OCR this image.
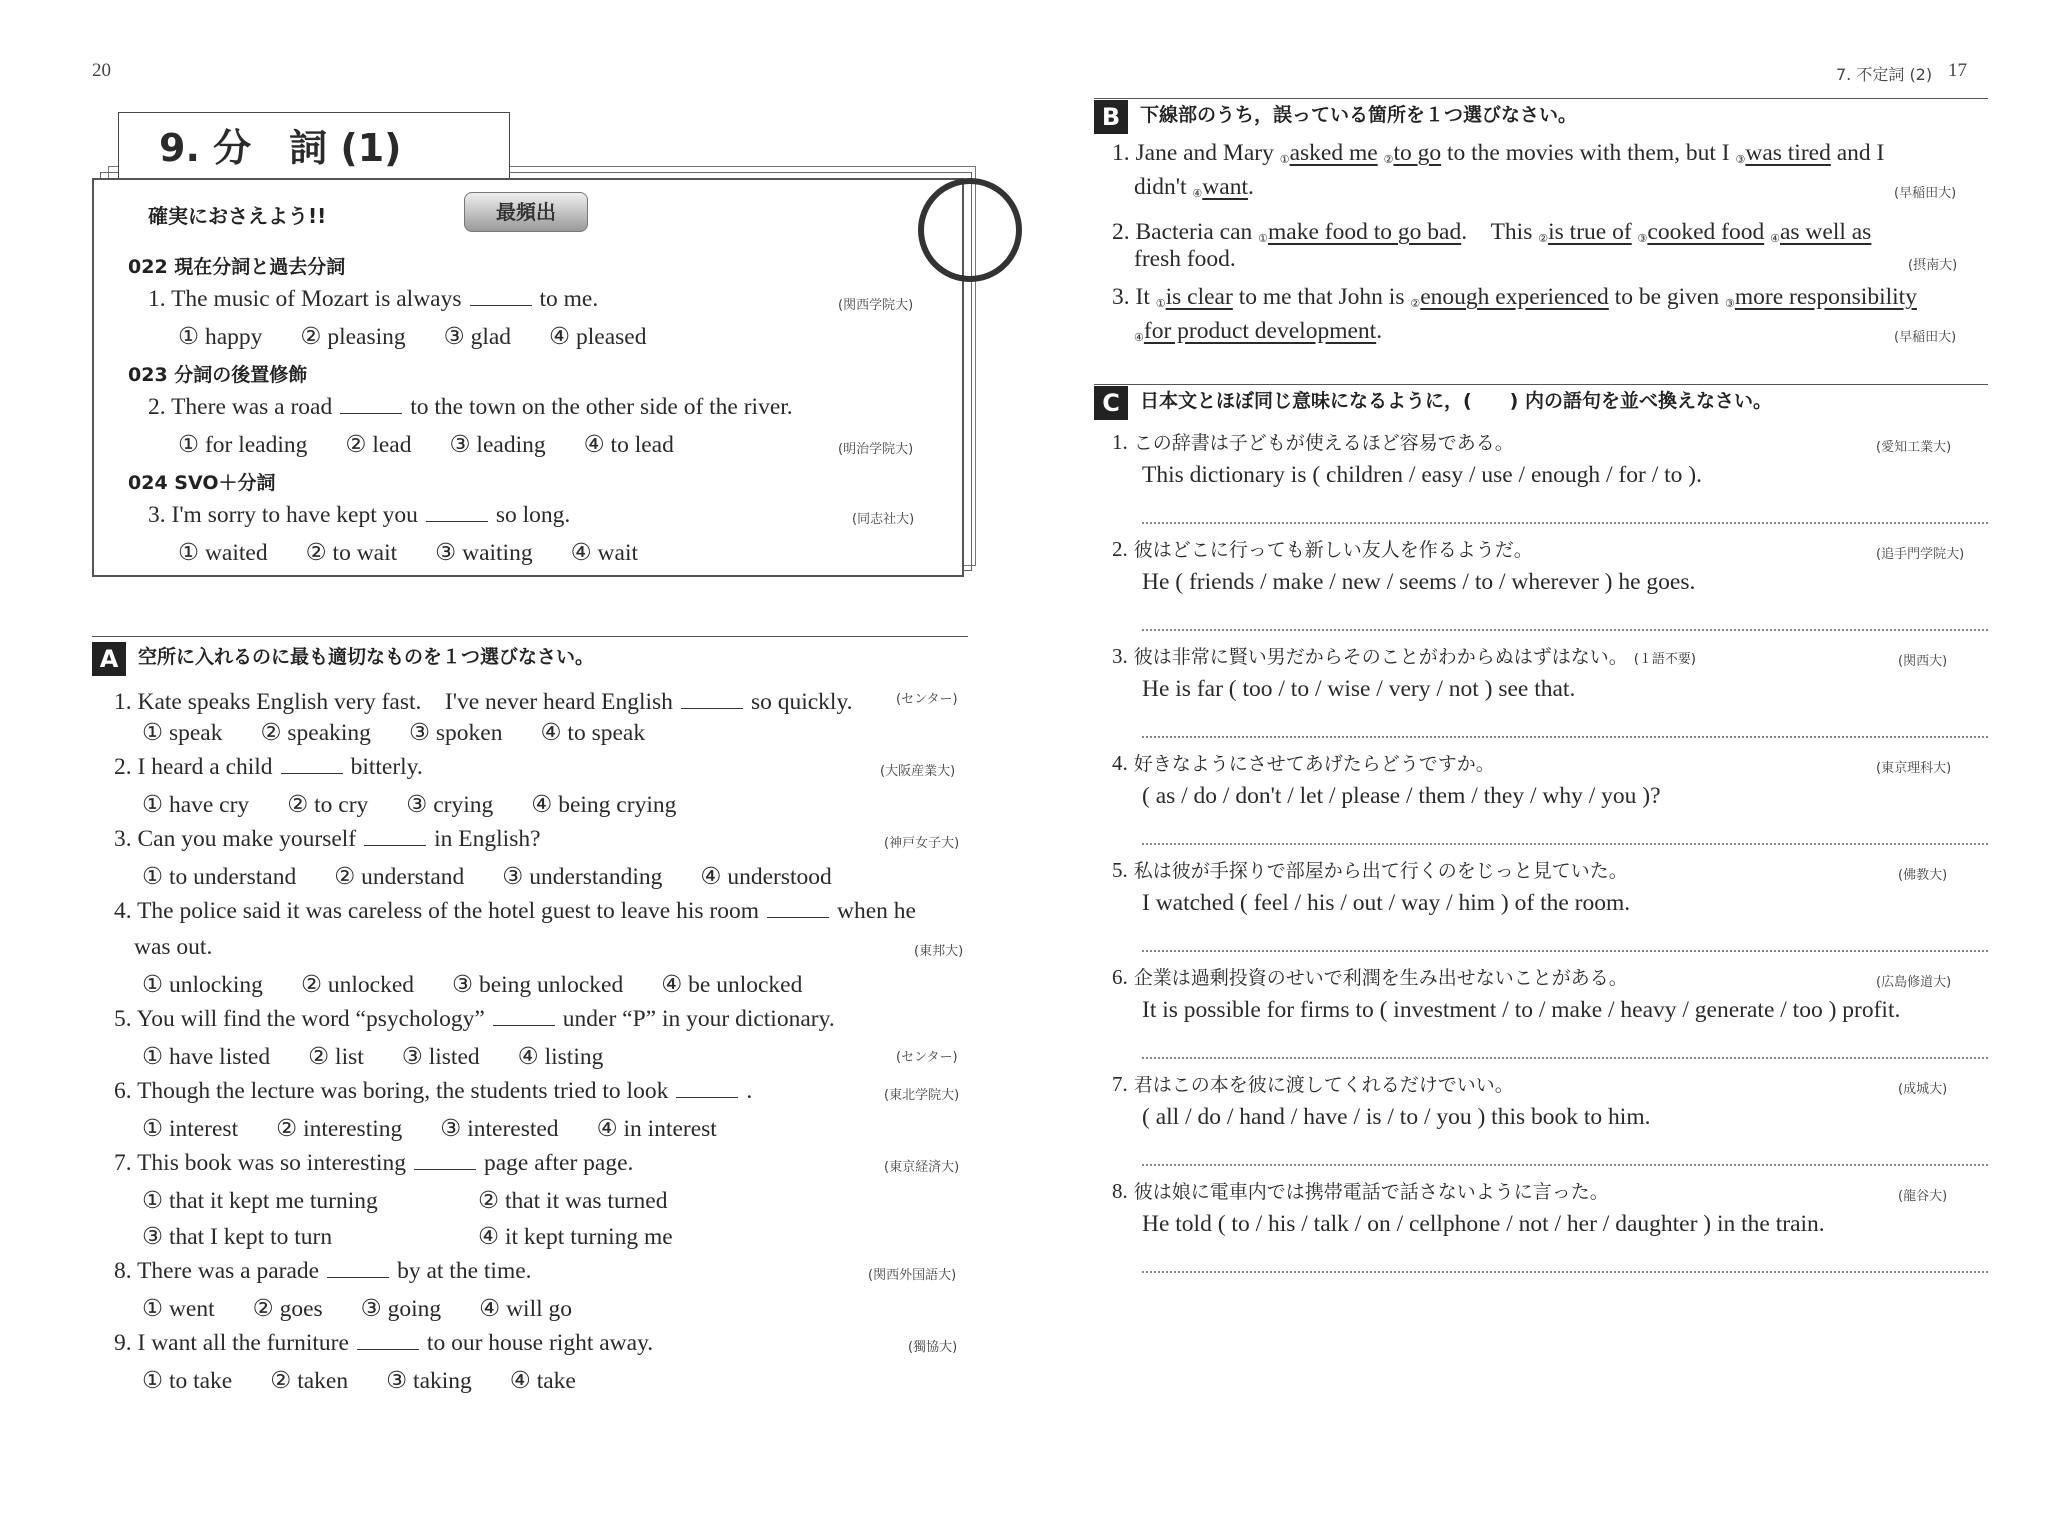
20
9. 分　詞 (1)
確実におさえよう!!	最頻出
022 現在分詞と過去分詞
1. The music of Mozart is always	to me.	(関西学院大)
① happy ② pleasing ③ glad ④ pleased
023 分詞の後置修飾
2. There was a road	to the town on the other side of the river.
(明治学院大)
① for leading ② lead ③ leading ④ to lead
024 SVO＋分詞
3. I'm sorry to have kept you	so long.	(同志社大)
① waited ② to wait ③ waiting ④ wait
A 空所に入れるのに最も適切なものを１つ選びなさい。
1. Kate speaks English very fast.　I've never heard English	so quickly.	(センター)
① speak ② speaking ③ spoken ④ to speak
2. I heard a child	bitterly.	(大阪産業大)
① have cry ② to cry ③ crying ④ being crying
3. Can you make yourself	in English?	(神戸女子大)
① to understand ② understand ③ understanding ④ understood
4. The police said it was careless of the hotel guest to leave his room	when he
was out.	(東邦大)
① unlocking ② unlocked ③ being unlocked ④ be unlocked
5. You will find the word “psychology”	under “P” in your dictionary.
(センター)
① have listed ② list ③ listed ④ listing
6. Though the lecture was boring, the students tried to look	.	(東北学院大)
① interest ② interesting ③ interested ④ in interest
7. This book was so interesting	page after page.	(東京経済大)
① that it kept me turning	② that it was turned
③ that I kept to turn	④ it kept turning me
8. There was a parade	by at the time.	(関西外国語大)
① went ② goes ③ going ④ will go
9. I want all the furniture	to our house right away.	(獨協大)
① to take ② taken ③ taking ④ take
7. 不定詞 (2) 17
B 下線部のうち，誤っている箇所を１つ選びなさい。
1. Jane and Mary $_①$asked me $_②$to go to the movies with them, but I $_③$was tired and I
didn't $_④$want.	(早稲田大)
2. Bacteria can $_①$make food to go bad.　This $_②$is true of $_③$cooked food $_④$as well as
fresh food.	(摂南大)
3. It $_①$is clear to me that John is $_②$enough experienced to be given $_③$more responsibility
$_④$for product development.	(早稲田大)
C 日本文とほぼ同じ意味になるように，(　　) 内の語句を並べ換えなさい。
1. この辞書は子どもが使えるほど容易である。	(愛知工業大)
This dictionary is ( children / easy / use / enough / for / to ).
2. 彼はどこに行っても新しい友人を作るようだ。	(追手門学院大)
He ( friends / make / new / seems / to / wherever ) he goes.
3. 彼は非常に賢い男だからそのことがわからぬはずはない。 (１語不要)	(関西大)
He is far ( too / to / wise / very / not ) see that.
4. 好きなようにさせてあげたらどうですか。	(東京理科大)
( as / do / don't / let / please / them / they / why / you )?
5. 私は彼が手探りで部屋から出て行くのをじっと見ていた。	(佛教大)
I watched ( feel / his / out / way / him ) of the room.
6. 企業は過剰投資のせいで利潤を生み出せないことがある。	(広島修道大)
It is possible for firms to ( investment / to / make / heavy / generate / too ) profit.
7. 君はこの本を彼に渡してくれるだけでいい。	(成城大)
( all / do / hand / have / is / to / you ) this book to him.
8. 彼は娘に電車内では携帯電話で話さないように言った。	(龍谷大)
He told ( to / his / talk / on / cellphone / not / her / daughter ) in the train.
